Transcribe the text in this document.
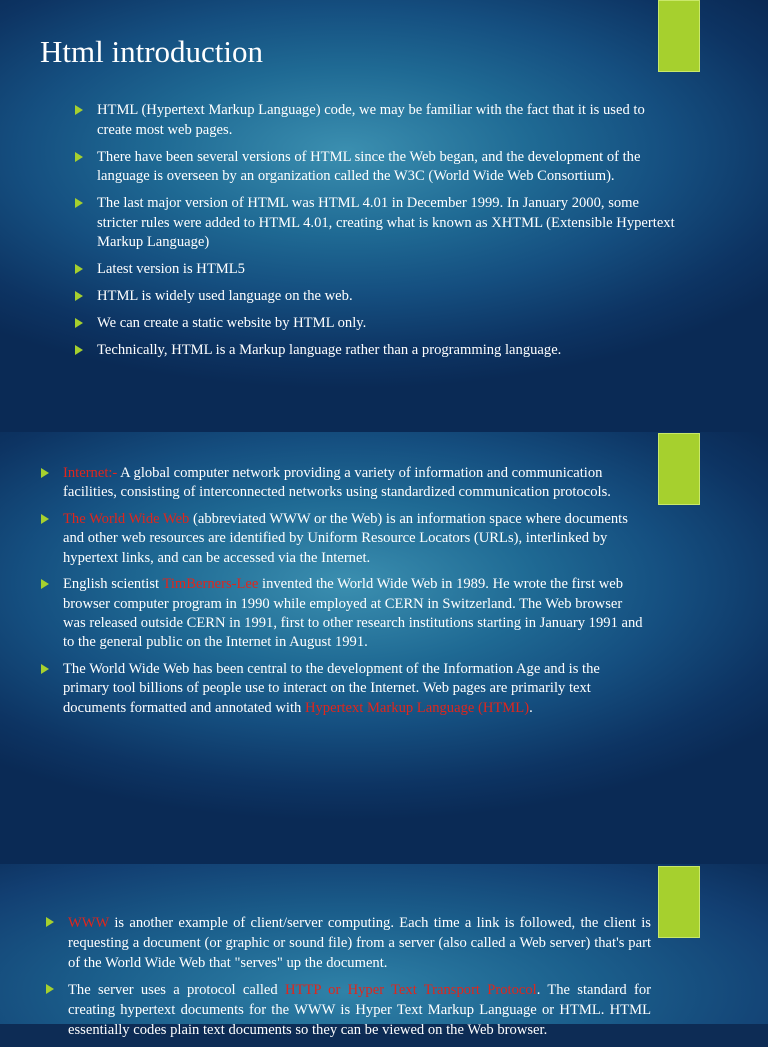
Html introduction
HTML (Hypertext Markup Language) code, we may be familiar with the fact that it is used to create most web pages.
There have been several versions of HTML since the Web began, and the development of the language is overseen by an organization called the W3C (World Wide Web Consortium).
The last major version of HTML was HTML 4.01 in December 1999. In January 2000, some stricter rules were added to HTML 4.01, creating what is known as XHTML (Extensible Hypertext Markup Language)
Latest version is HTML5
HTML is widely used language on the web.
We can create a static website by HTML only.
Technically, HTML is a Markup language rather than a programming language.
Internet:- A global computer network providing a variety of information and communication facilities, consisting of interconnected networks using standardized communication protocols.
The World Wide Web (abbreviated WWW or the Web) is an information space where documents and other web resources are identified by Uniform Resource Locators (URLs), interlinked by hypertext links, and can be accessed via the Internet.
English scientist TimBerners-Lee invented the World Wide Web in 1989. He wrote the first web browser computer program in 1990 while employed at CERN in Switzerland. The Web browser was released outside CERN in 1991, first to other research institutions starting in January 1991 and to the general public on the Internet in August 1991.
The World Wide Web has been central to the development of the Information Age and is the primary tool billions of people use to interact on the Internet. Web pages are primarily text documents formatted and annotated with Hypertext Markup Language (HTML).
WWW is another example of client/server computing. Each time a link is followed, the client is requesting a document (or graphic or sound file) from a server (also called a Web server) that's part of the World Wide Web that "serves" up the document.
The server uses a protocol called HTTP or Hyper Text Transport Protocol. The standard for creating hypertext documents for the WWW is Hyper Text Markup Language or HTML. HTML essentially codes plain text documents so they can be viewed on the Web browser.
